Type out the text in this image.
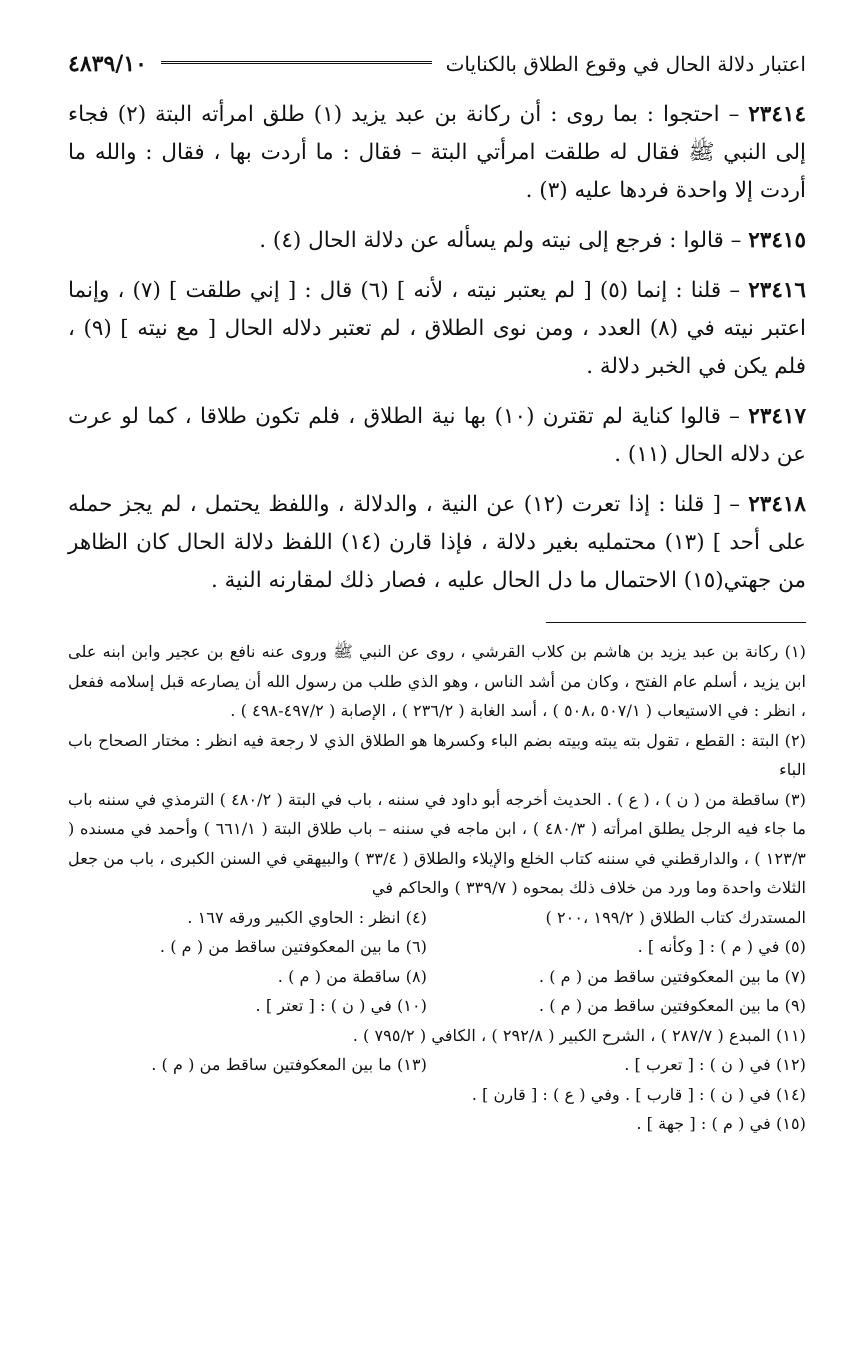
اعتبار دلالة الحال في وقوع الطلاق بالكنايات
٤٨٣٩/١٠

٢٣٤١٤ – احتجوا : بما روى : أن ركانة بن عبد يزيد (١) طلق امرأته البتة (٢) فجاء إلى النبي ﷺ فقال له طلقت امرأتي البتة – فقال : ما أردت بها ، فقال : والله ما أردت إلا واحدة فردها عليه (٣) .

٢٣٤١٥ – قالوا : فرجع إلى نيته ولم يسأله عن دلالة الحال (٤) .

٢٣٤١٦ – قلنا : إنما (٥) [ لم يعتبر نيته ، لأنه ] (٦) قال : [ إني طلقت ] (٧) ، وإنما اعتبر نيته في (٨) العدد ، ومن نوى الطلاق ، لم تعتبر دلاله الحال [ مع نيته ] (٩) ، فلم يكن في الخبر دلالة .

٢٣٤١٧ – قالوا كناية لم تقترن (١٠) بها نية الطلاق ، فلم تكون طلاقا ، كما لو عرت عن دلاله الحال (١١) .

٢٣٤١٨ – [ قلنا : إذا تعرت (١٢) عن النية ، والدلالة ، واللفظ يحتمل ، لم يجز حمله على أحد ] (١٣) محتمليه بغير دلالة ، فإذا قارن (١٤) اللفظ دلالة الحال كان الظاهر من جهتي(١٥) الاحتمال ما دل الحال عليه ، فصار ذلك لمقارنه النية .

(١) ركانة بن عبد يزيد بن هاشم بن كلاب القرشي ، روى عن النبي ﷺ وروى عنه نافع بن عجير وابن ابنه على ابن يزيد ، أسلم عام الفتح ، وكان من أشد الناس ، وهو الذي طلب من رسول الله أن يصارعه قبل إسلامه ففعل ، انظر : في الاستيعاب ( ٥٠٧/١ ،٥٠٨ ) ، أسد الغابة ( ٢٣٦/٢ ) ، الإصابة ( ٤٩٧/٢-٤٩٨ ) .

(٢) البتة : القطع ، تقول بته يبته وبيته بضم الباء وكسرها هو الطلاق الذي لا رجعة فيه انظر : مختار الصحاح باب الباء

(٣) ساقطة من ( ن ) ، ( ع ) . الحديث أخرجه أبو داود في سننه ، باب في البتة ( ٤٨٠/٢ ) الترمذي في سننه باب ما جاء فيه الرجل يطلق امرأته ( ٤٨٠/٣ ) ، ابن ماجه في سننه – باب طلاق البتة ( ٦٦١/١ ) وأحمد في مسنده ( ١٢٣/٣ ) ، والدارقطني في سننه كتاب الخلع والإيلاء والطلاق ( ٣٣/٤ ) والبيهقي في السنن الكبرى ، باب من جعل الثلاث واحدة وما ورد من خلاف ذلك بمحوه ( ٣٣٩/٧ ) والحاكم في

المستدرك كتاب الطلاق ( ١٩٩/٢ ،٢٠٠ )
(٤) انظر : الحاوي الكبير ورقه ١٦٧ .
(٥) في ( م ) : [ وكأنه ] .
(٦) ما بين المعكوفتين ساقط من ( م ) .
(٧) ما بين المعكوفتين ساقط من ( م ) .
(٨) ساقطة من ( م ) .
(٩) ما بين المعكوفتين ساقط من ( م ) .
(١٠) في ( ن ) : [ تعتر ] .
(١١) المبدع ( ٢٨٧/٧ ) ، الشرح الكبير ( ٢٩٢/٨ ) ، الكافي ( ٧٩٥/٢ ) .
(١٢) في ( ن ) : [ تعرب ] .
(١٣) ما بين المعكوفتين ساقط من ( م ) .
(١٤) في ( ن ) : [ قارب ] . وفي ( ع ) : [ قارن ] .
(١٥) في ( م ) : [ جهة ] .
